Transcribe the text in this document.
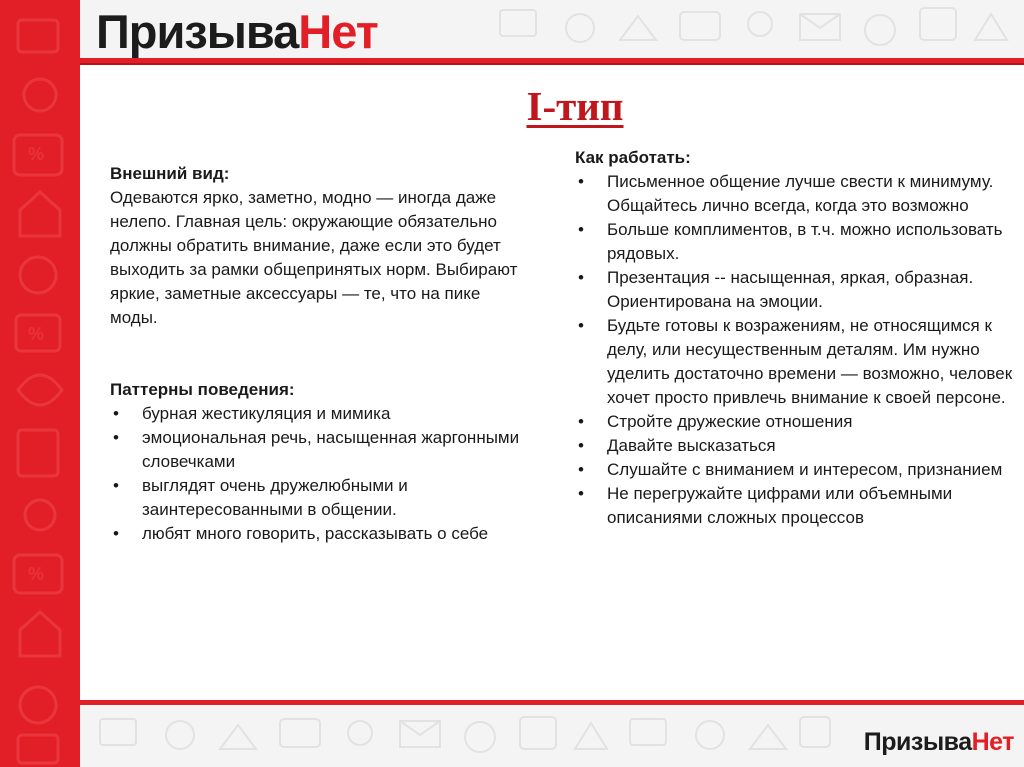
%
%
%
ПризываНет
ПризываНет
I-тип
Внешний вид:

Одеваются ярко, заметно, модно — иногда даже нелепо. Главная цель: окружающие обязательно должны обратить внимание, даже если это будет выходить за рамки общепринятых норм. Выбирают яркие, заметные аксессуары — те, что на пике моды.

Паттерны поведения:
• бурная жестикуляция и мимика
• эмоциональная речь, насыщенная жаргонными словечками
• выглядят очень дружелюбными и заинтересованными в общении.
• любят много говорить, рассказывать о себе
Как работать:
• Письменное общение лучше свести к минимуму. Общайтесь лично всегда, когда это возможно
• Больше комплиментов, в т.ч. можно использовать рядовых.
• Презентация -- насыщенная, яркая, образная. Ориентирована на эмоции.
• Будьте готовы к возражениям, не относящимся к делу, или несущественным деталям. Им нужно уделить достаточно времени — возможно, человек хочет просто привлечь внимание к своей персоне.
• Стройте дружеские отношения
• Давайте высказаться
• Слушайте с вниманием и интересом, признанием
• Не перегружайте цифрами или объемными описаниями сложных процессов
